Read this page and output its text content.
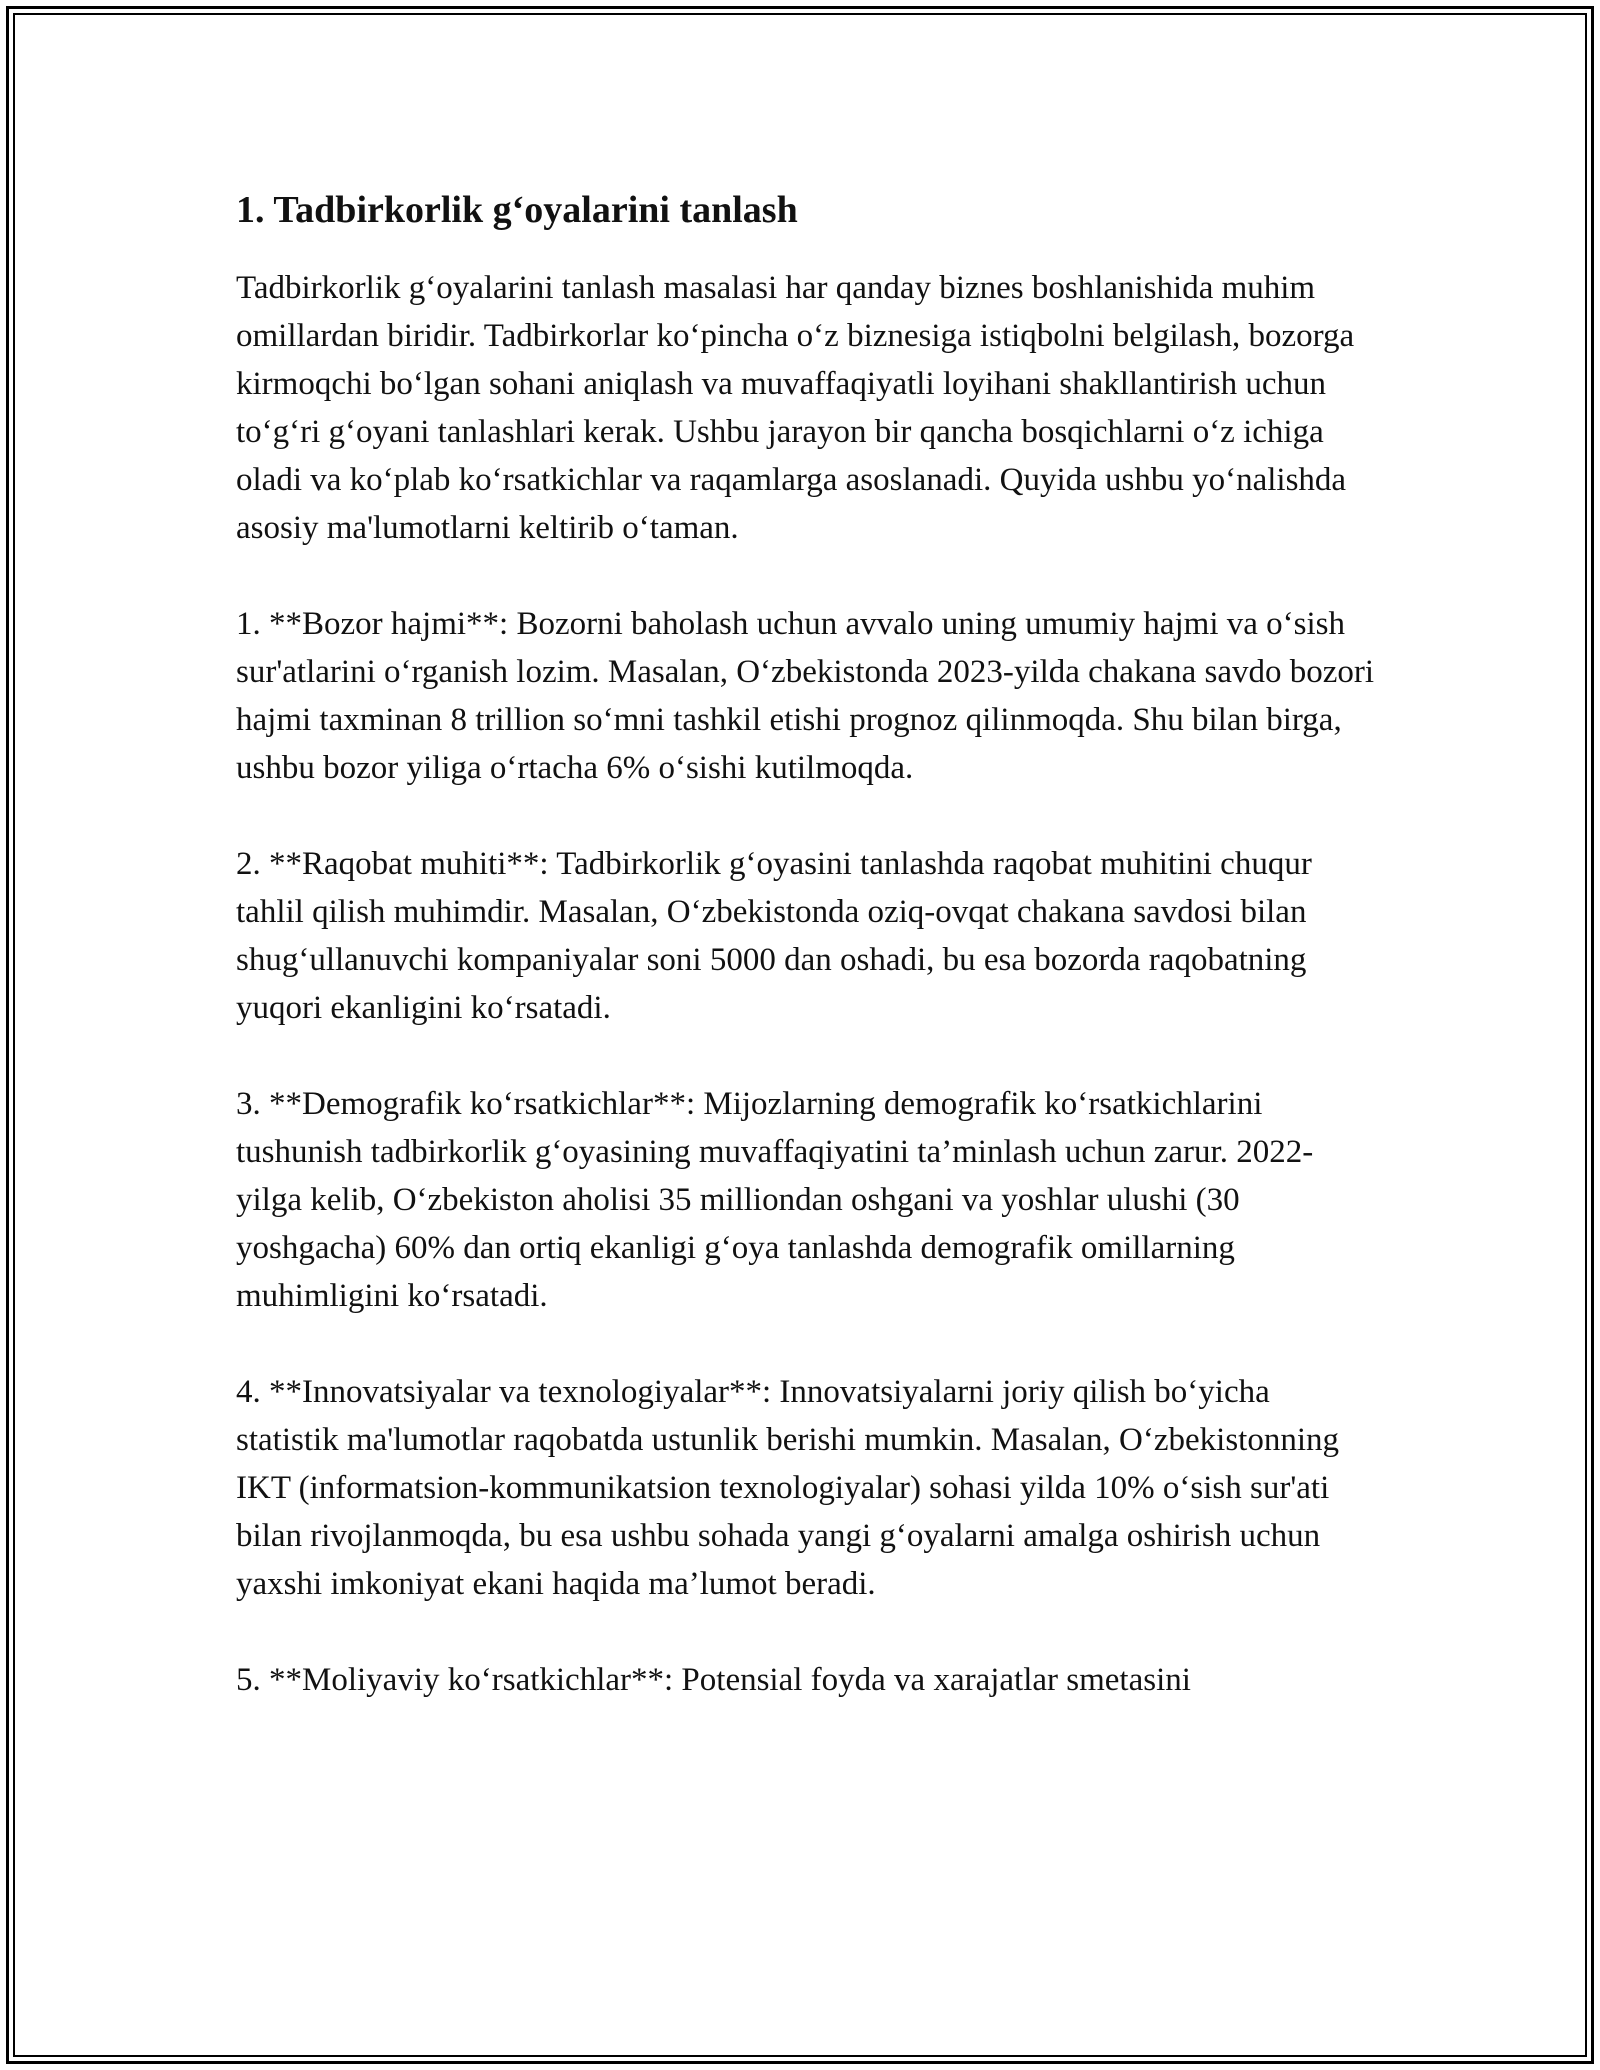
1. Tadbirkorlik g‘oyalarini tanlash

Tadbirkorlik g‘oyalarini tanlash masalasi har qanday biznes boshlanishida muhim omillardan biridir. Tadbirkorlar ko‘pincha o‘z biznesiga istiqbolni belgilash, bozorga kirmoqchi bo‘lgan sohani aniqlash va muvaffaqiyatli loyihani shakllantirish uchun to‘g‘ri g‘oyani tanlashlari kerak. Ushbu jarayon bir qancha bosqichlarni o‘z ichiga oladi va ko‘plab ko‘rsatkichlar va raqamlarga asoslanadi. Quyida ushbu yo‘nalishda asosiy ma'lumotlarni keltirib o‘taman.

1. **Bozor hajmi**: Bozorni baholash uchun avvalo uning umumiy hajmi va o‘sish sur'atlarini o‘rganish lozim. Masalan, O‘zbekistonda 2023-yilda chakana savdo bozori hajmi taxminan 8 trillion so‘mni tashkil etishi prognoz qilinmoqda. Shu bilan birga, ushbu bozor yiliga o‘rtacha 6% o‘sishi kutilmoqda.

2. **Raqobat muhiti**: Tadbirkorlik g‘oyasini tanlashda raqobat muhitini chuqur tahlil qilish muhimdir. Masalan, O‘zbekistonda oziq-ovqat chakana savdosi bilan shug‘ullanuvchi kompaniyalar soni 5000 dan oshadi, bu esa bozorda raqobatning yuqori ekanligini ko‘rsatadi.

3. **Demografik ko‘rsatkichlar**: Mijozlarning demografik ko‘rsatkichlarini tushunish tadbirkorlik g‘oyasining muvaffaqiyatini ta’minlash uchun zarur. 2022-yilga kelib, O‘zbekiston aholisi 35 milliondan oshgani va yoshlar ulushi (30 yoshgacha) 60% dan ortiq ekanligi g‘oya tanlashda demografik omillarning muhimligini ko‘rsatadi.

4. **Innovatsiyalar va texnologiyalar**: Innovatsiyalarni joriy qilish bo‘yicha statistik ma'lumotlar raqobatda ustunlik berishi mumkin. Masalan, O‘zbekistonning IKT (informatsion-kommunikatsion texnologiyalar) sohasi yilda 10% o‘sish sur'ati bilan rivojlanmoqda, bu esa ushbu sohada yangi g‘oyalarni amalga oshirish uchun yaxshi imkoniyat ekani haqida ma’lumot beradi.

5. **Moliyaviy ko‘rsatkichlar**: Potensial foyda va xarajatlar smetasini
